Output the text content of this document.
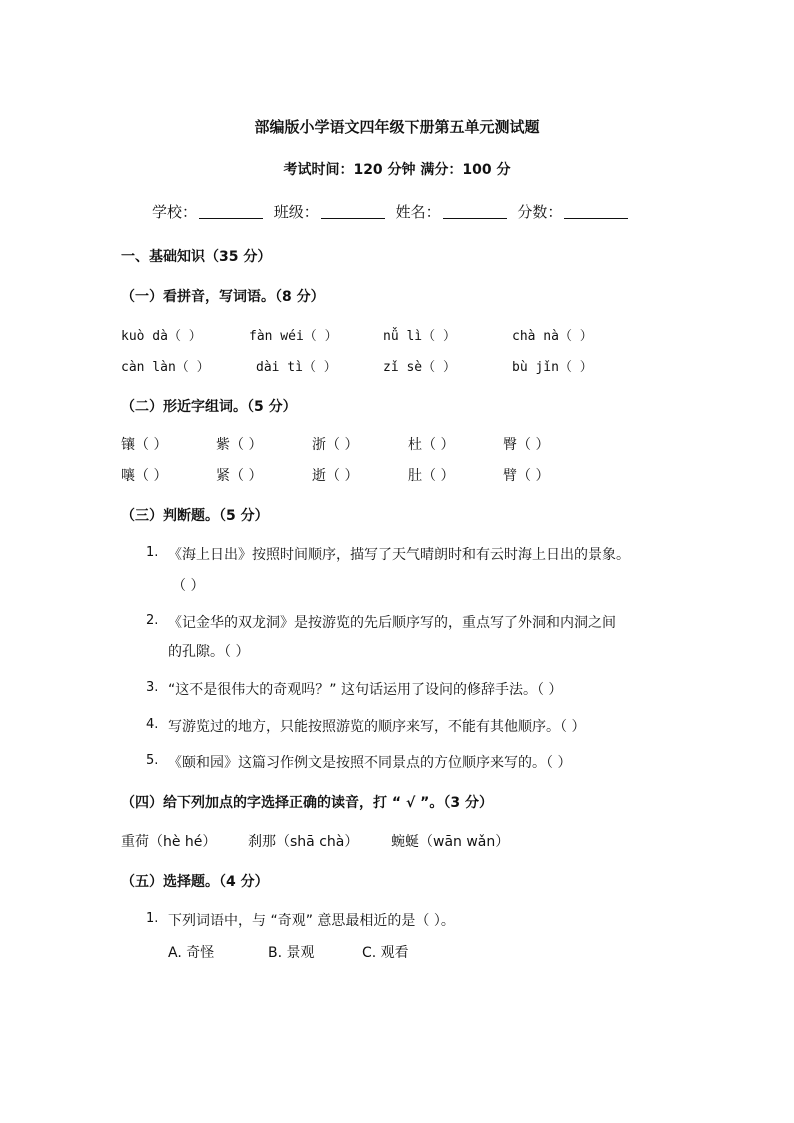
部编版小学语文四年级下册第五单元测试题
考试时间：120 分钟 满分：100 分
学校：	班级：	姓名：	分数：
一、基础知识（35 分）
（一）看拼音，写词语。（8 分）
kuò dà（ ）	fàn wéi（ ）	nǚ lì（ ）	chà nà（ ）
càn làn（ ）	dài tì（ ）	zǐ sè（ ）	bù jǐn（ ）
（二）形近字组词。（5 分）
镶（ ）	紫（ ）	浙（ ）	杜（ ）	臀（ ）
嚷（ ）	紧（ ）	逝（ ）	肚（ ）	臂（ ）
（三）判断题。（5 分）
1. 《海上日出》按照时间顺序，描写了天气晴朗时和有云时海上日出的景象。
（ ）
2. 《记金华的双龙洞》是按游览的先后顺序写的，重点写了外洞和内洞之间
的孔隙。（ ）
3. “这不是很伟大的奇观吗？” 这句话运用了设问的修辞手法。（ ）
4. 写游览过的地方，只能按照游览的顺序来写，不能有其他顺序。（ ）
5. 《颐和园》这篇习作例文是按照不同景点的方位顺序来写的。（ ）
（四）给下列加点的字选择正确的读音，打 “ √ ”。（3 分）
重荷（hè hé） 刹那（shā chà） 蜿蜒（wān wǎn）
（五）选择题。（4 分）
1. 下列词语中，与 “奇观” 意思最相近的是（ ）。
A. 奇怪	B. 景观	C. 观看
